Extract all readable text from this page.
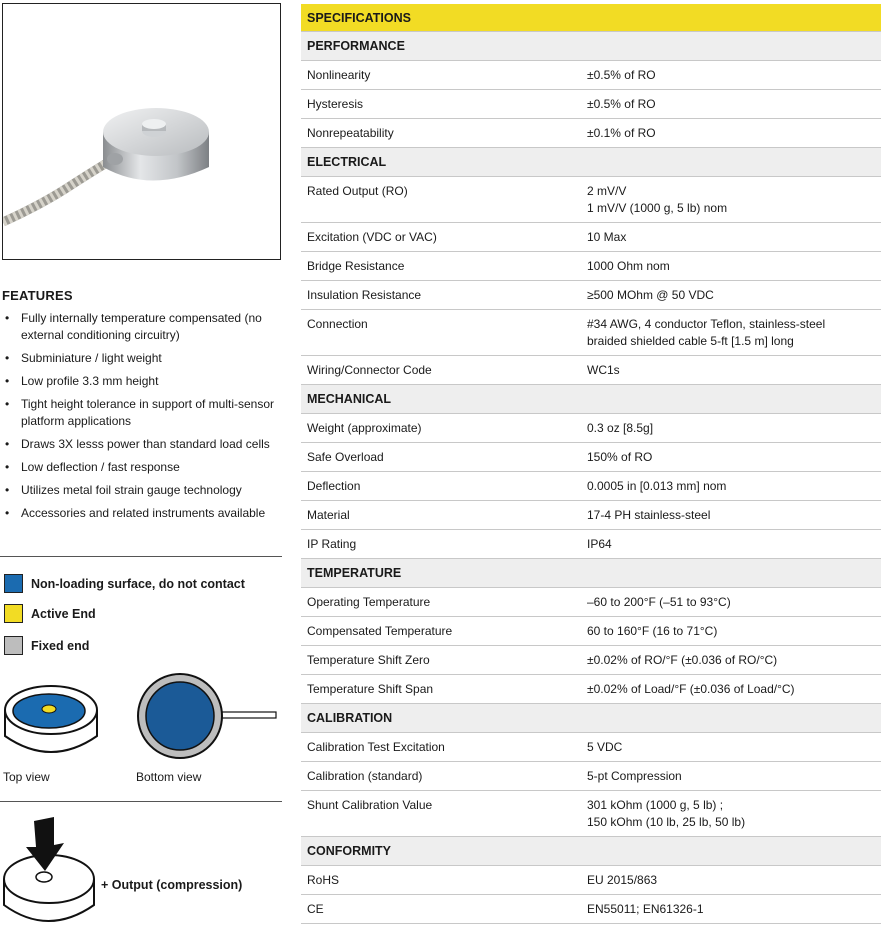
FEATURES
• Fully internally temperature compensated (no external conditioning circuitry)
• Subminiature / light weight
• Low profile 3.3 mm height
• Tight height tolerance in support of multi-sensor platform applications
• Draws 3X lesss power than standard load cells
• Low deflection / fast response
• Utilizes metal foil strain gauge technology
• Accessories and related instruments available
Non-loading surface, do not contact
Active End
Fixed end
Top view	Bottom view
+ Output (compression)
SPECIFICATIONS
PERFORMANCE
Nonlinearity	±0.5% of RO
Hysteresis	±0.5% of RO
Nonrepeatability	±0.1% of RO
ELECTRICAL
Rated Output (RO)	2 mV/V
1 mV/V (1000 g, 5 lb) nom
Excitation (VDC or VAC)	10 Max
Bridge Resistance	1000 Ohm nom
Insulation Resistance	≥500 MOhm @ 50 VDC
Connection	#34 AWG, 4 conductor Teflon, stainless-steel
braided shielded cable 5-ft [1.5 m] long
Wiring/Connector Code	WC1s
MECHANICAL
Weight (approximate)	0.3 oz [8.5g]
Safe Overload	150% of RO
Deflection	0.0005 in [0.013 mm] nom
Material	17-4 PH stainless-steel
IP Rating	IP64
TEMPERATURE
Operating Temperature	–60 to 200°F (–51 to 93°C)
Compensated Temperature	60 to 160°F (16 to 71°C)
Temperature Shift Zero	±0.02% of RO/°F (±0.036 of RO/°C)
Temperature Shift Span	±0.02% of Load/°F (±0.036 of Load/°C)
CALIBRATION
Calibration Test Excitation	5 VDC
Calibration (standard)	5-pt Compression
Shunt Calibration Value	301 kOhm (1000 g, 5 lb) ;
150 kOhm (10 lb, 25 lb, 50 lb)
CONFORMITY
RoHS	EU 2015/863
CE	EN55011; EN61326-1
